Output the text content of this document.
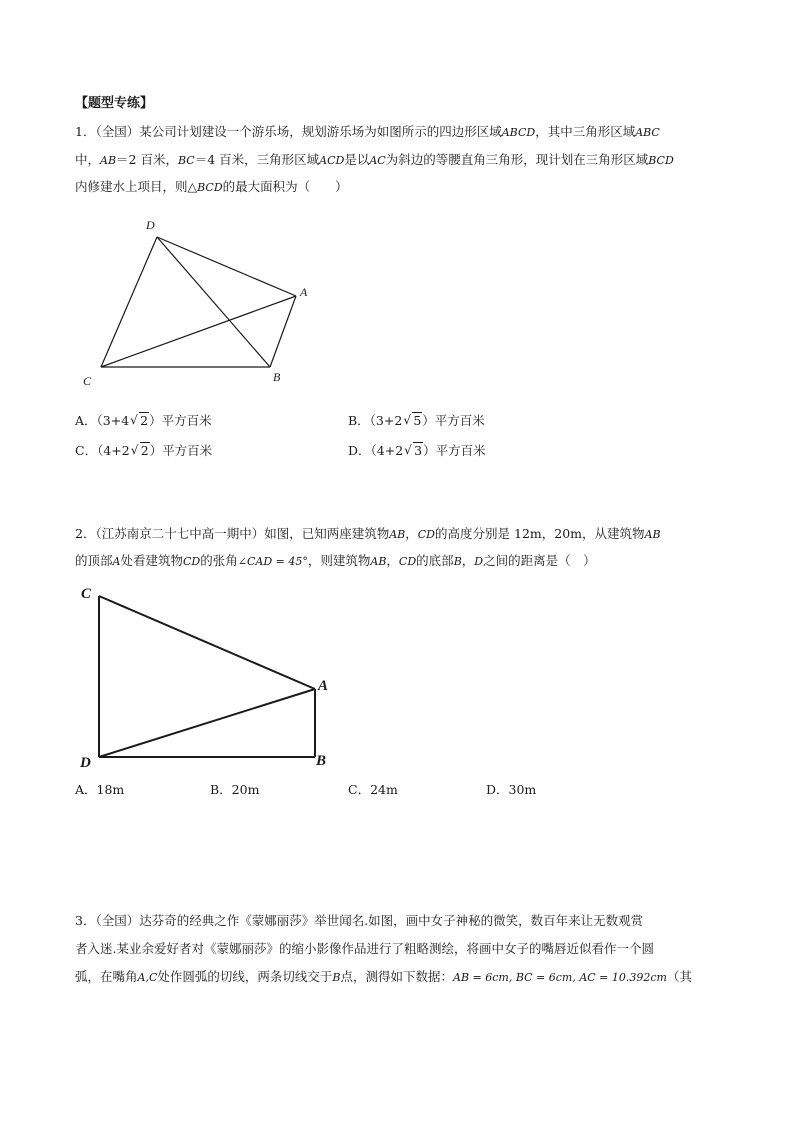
【题型专练】
1．（全国）某公司计划建设一个游乐场，规划游乐场为如图所示的四边形区域ABCD，其中三角形区域ABC
中，AB＝2 百米，BC＝4 百米，三角形区域ACD是以AC为斜边的等腰直角三角形，现计划在三角形区域BCD
内修建水上项目，则△BCD的最大面积为（　　）
D
A
C	B
C
A
D	B
A．（3+4 √ 2）平方百米	B．（3+2 √ 5）平方百米
C．（4+2 √ 2）平方百米	D．（4+2 √ 3）平方百米
2．（江苏南京二十七中高一期中）如图，已知两座建筑物AB，CD的高度分别是 12m，20m，从建筑物AB
的顶部A处看建筑物CD的张角∠CAD = 45°，则建筑物AB，CD的底部B，D之间的距离是（　）
A．18m	B．20m	C．24m	D．30m
3．（全国）达芬奇的经典之作《蒙娜丽莎》举世闻名.如图，画中女子神秘的微笑，数百年来让无数观赏
者入迷.某业余爱好者对《蒙娜丽莎》的缩小影像作品进行了粗略测绘，将画中女子的嘴唇近似看作一个圆
弧，在嘴角A,C处作圆弧的切线，两条切线交于B点，测得如下数据：AB = 6cm, BC = 6cm, AC = 10.392cm（其
